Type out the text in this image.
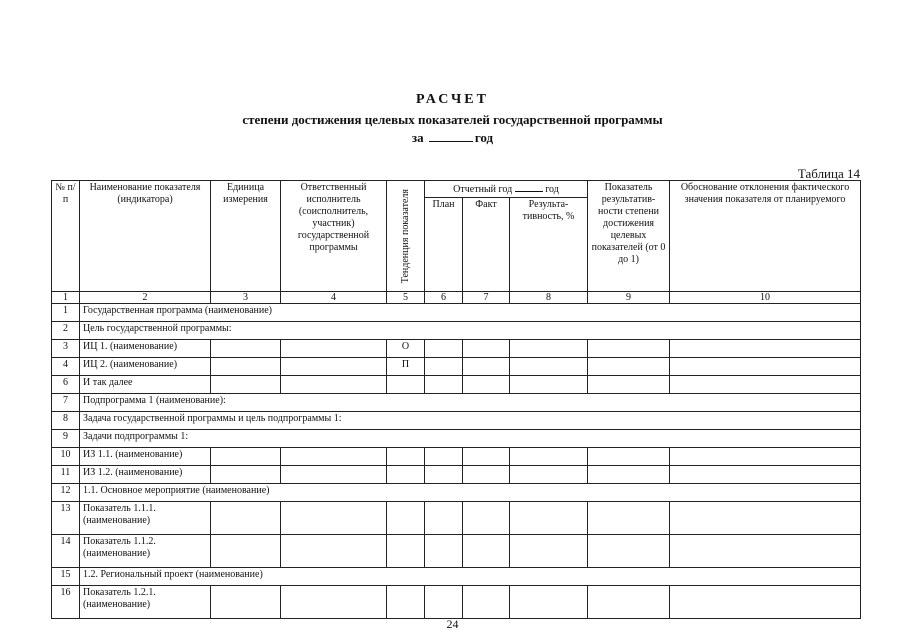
РАСЧЕТ
степени достижения целевых показателей государственной программы
за	год
Таблица 14
№ п/п	Наименование показателя (индикатора)	Единица измерения	Ответственный исполнитель (соисполнитель, участник) государственной программы	Тенденция показателя	Отчетный год год			Показатель результатив-ности степени достижения целевых показателей (от 0 до 1)	Обоснование отклонения фактического значения показателя от планируемого
					План	Факт	Результа-тивность, %		
1	2	3	4	5	6	7	8	9	10
1	Государственная программа (наименование)								
2	Цель государственной программы:								
3	ИЦ 1. (наименование)			О					
4	ИЦ 2. (наименование)			П					
6	И так далее								
7	Подпрограмма 1 (наименование):								
8	Задача государственной программы и цель подпрограммы 1:								
9	Задачи подпрограммы 1:								
10	ИЗ 1.1. (наименование)								
11	ИЗ 1.2. (наименование)								
12	1.1. Основное мероприятие (наименование)								
13	Показатель 1.1.1. (наименование)								
14	Показатель 1.1.2. (наименование)								
15	1.2. Региональный проект (наименование)								
16	Показатель 1.2.1. (наименование)								
24
